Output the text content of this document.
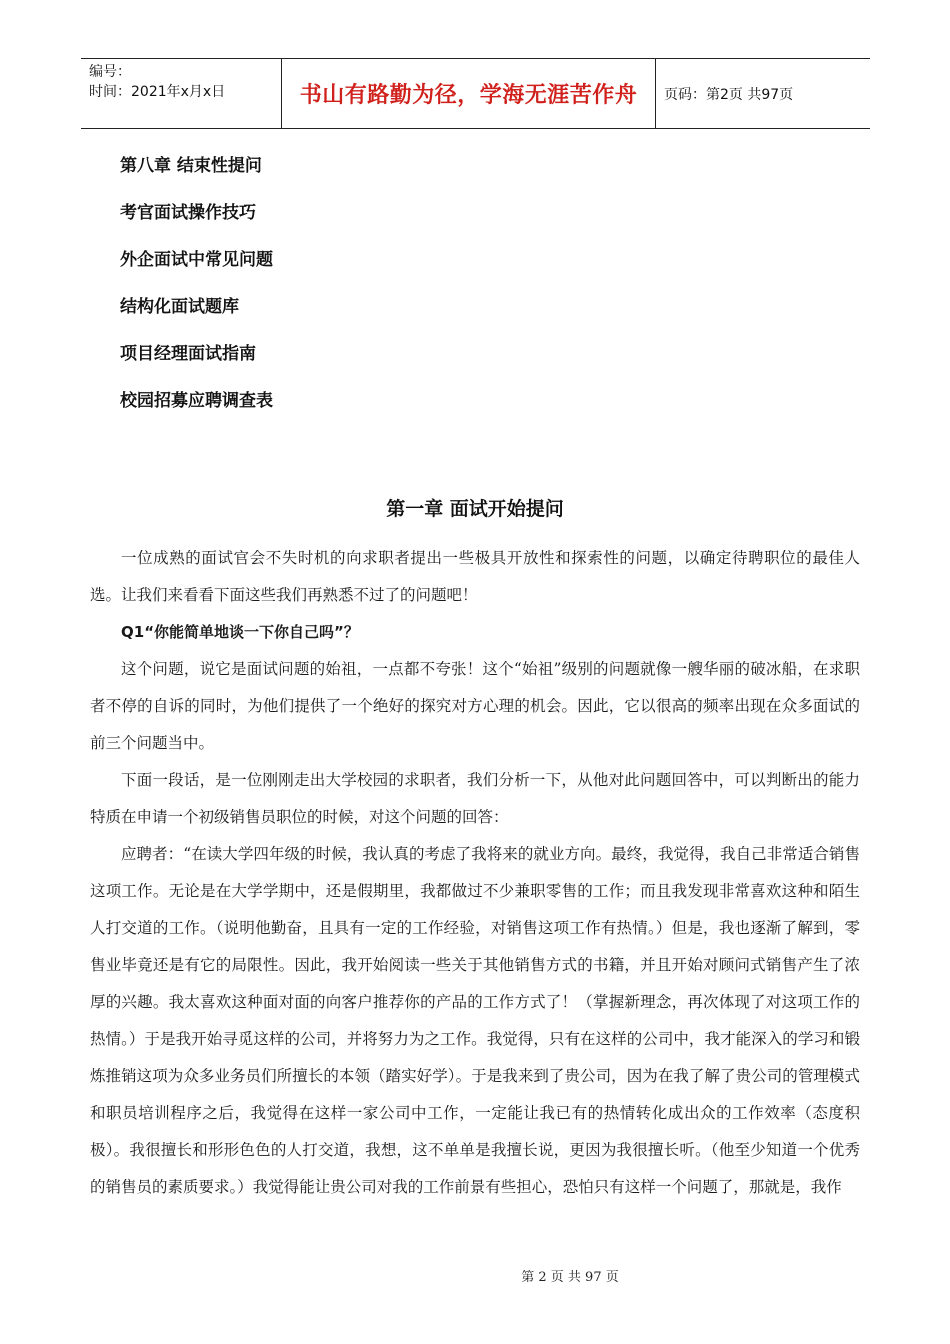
编号：
时间：2021年x月x日	书山有路勤为径，学海无涯苦作舟	页码：第2页 共97页
第八章 结束性提问
考官面试操作技巧
外企面试中常见问题
结构化面试题库
项目经理面试指南
校园招募应聘调查表
第一章 面试开始提问

一位成熟的面试官会不失时机的向求职者提出一些极具开放性和探索性的问题，以确定待聘职位的最佳人选。让我们来看看下面这些我们再熟悉不过了的问题吧！

Q1“你能简单地谈一下你自己吗”？

这个问题，说它是面试问题的始祖，一点都不夸张！这个“始祖”级别的问题就像一艘华丽的破冰船，在求职者不停的自诉的同时，为他们提供了一个绝好的探究对方心理的机会。因此，它以很高的频率出现在众多面试的前三个问题当中。

下面一段话，是一位刚刚走出大学校园的求职者，我们分析一下，从他对此问题回答中，可以判断出的能力特质在申请一个初级销售员职位的时候，对这个问题的回答：

应聘者：“在读大学四年级的时候，我认真的考虑了我将来的就业方向。最终，我觉得，我自己非常适合销售这项工作。无论是在大学学期中，还是假期里，我都做过不少兼职零售的工作；而且我发现非常喜欢这种和陌生人打交道的工作。（说明他勤奋，且具有一定的工作经验，对销售这项工作有热情。）但是，我也逐渐了解到，零售业毕竟还是有它的局限性。因此，我开始阅读一些关于其他销售方式的书籍，并且开始对顾问式销售产生了浓厚的兴趣。我太喜欢这种面对面的向客户推荐你的产品的工作方式了！（掌握新理念，再次体现了对这项工作的热情。）于是我开始寻觅这样的公司，并将努力为之工作。我觉得，只有在这样的公司中，我才能深入的学习和锻炼推销这项为众多业务员们所擅长的本领（踏实好学）。于是我来到了贵公司，因为在我了解了贵公司的管理模式和职员培训程序之后，我觉得在这样一家公司中工作，一定能让我已有的热情转化成出众的工作效率（态度积极）。我很擅长和形形色色的人打交道，我想，这不单单是我擅长说，更因为我很擅长听。（他至少知道一个优秀的销售员的素质要求。）我觉得能让贵公司对我的工作前景有些担心，恐怕只有这样一个问题了，那就是，我作

第 2 页 共 97 页
